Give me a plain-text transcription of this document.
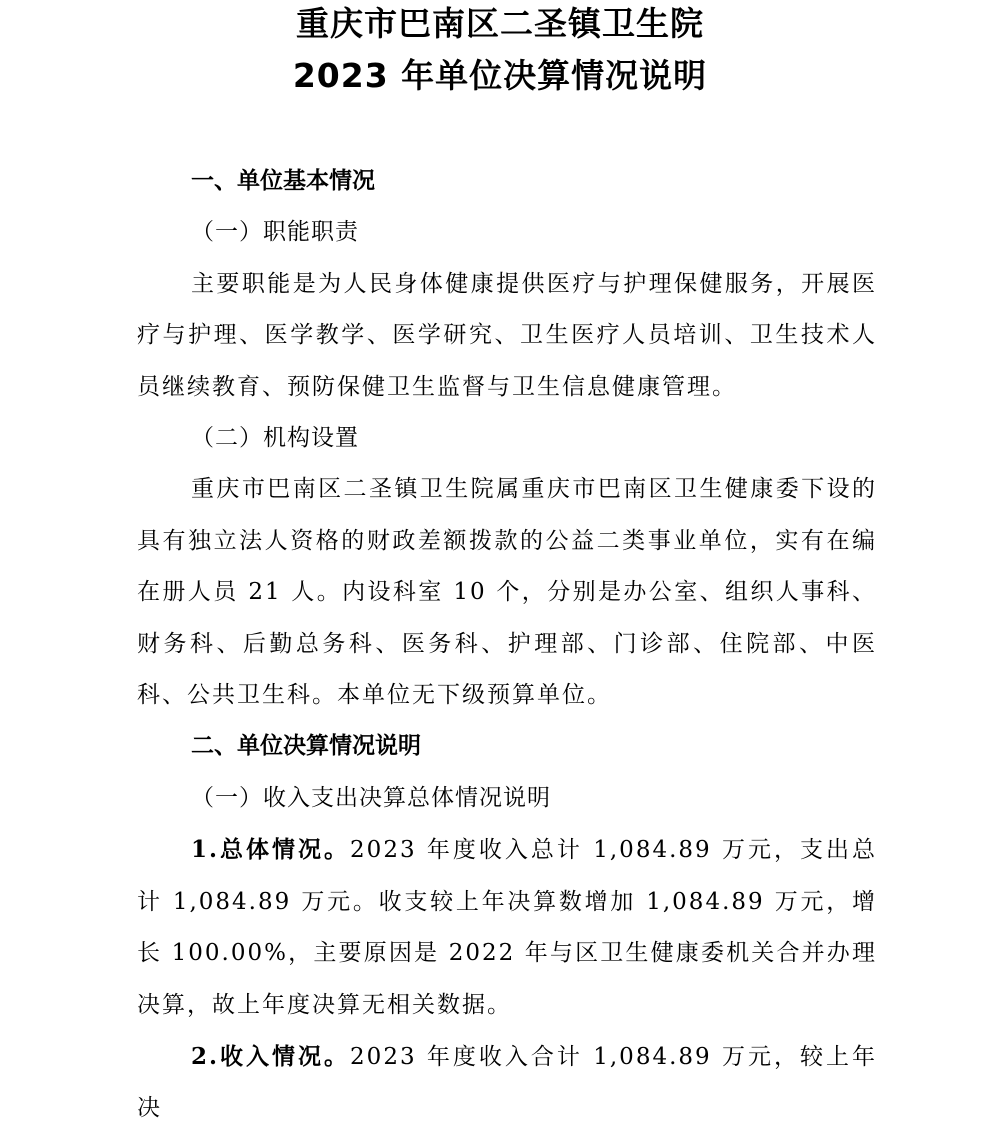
重庆市巴南区二圣镇卫生院
2023 年单位决算情况说明

一、单位基本情况

（一）职能职责

主要职能是为人民身体健康提供医疗与护理保健服务，开展医疗与护理、医学教学、医学研究、卫生医疗人员培训、卫生技术人员继续教育、预防保健卫生监督与卫生信息健康管理。

（二）机构设置

重庆市巴南区二圣镇卫生院属重庆市巴南区卫生健康委下设的具有独立法人资格的财政差额拨款的公益二类事业单位，实有在编在册人员 21 人。内设科室 10 个，分别是办公室、组织人事科、财务科、后勤总务科、医务科、护理部、门诊部、住院部、中医科、公共卫生科。本单位无下级预算单位。

二、单位决算情况说明

（一）收入支出决算总体情况说明

1.总体情况。2023 年度收入总计 1,084.89 万元，支出总计 1,084.89 万元。收支较上年决算数增加 1,084.89 万元，增长 100.00%，主要原因是 2022 年与区卫生健康委机关合并办理决算，故上年度决算无相关数据。

2.收入情况。2023 年度收入合计 1,084.89 万元，较上年决
